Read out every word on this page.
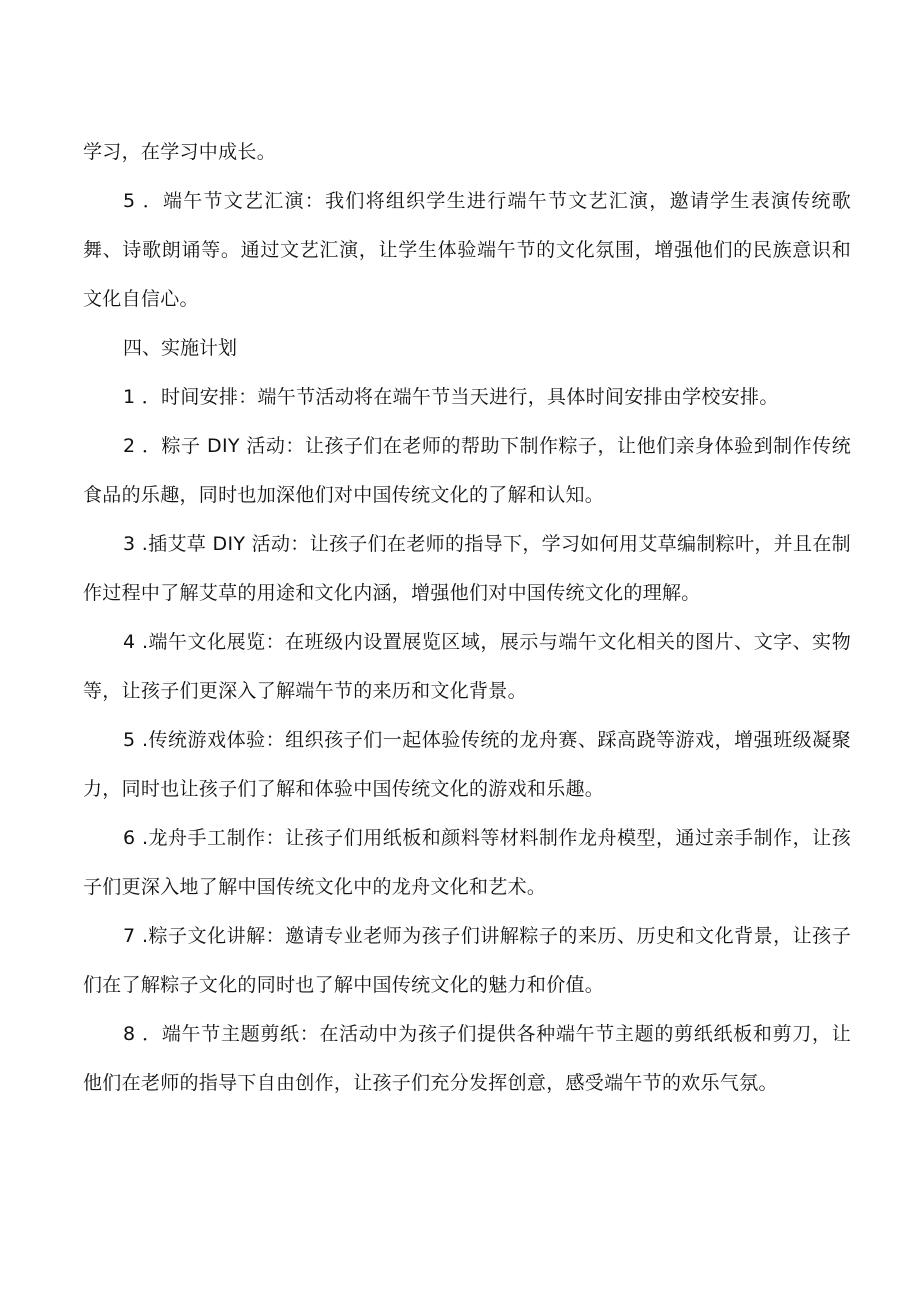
学习，在学习中成长。

5 ．端午节文艺汇演：我们将组织学生进行端午节文艺汇演，邀请学生表演传统歌舞、诗歌朗诵等。通过文艺汇演，让学生体验端午节的文化氛围，增强他们的民族意识和文化自信心。

四、实施计划

1 ．时间安排：端午节活动将在端午节当天进行，具体时间安排由学校安排。

2 ．粽子 DIY 活动：让孩子们在老师的帮助下制作粽子，让他们亲身体验到制作传统食品的乐趣，同时也加深他们对中国传统文化的了解和认知。

3 .插艾草 DIY 活动：让孩子们在老师的指导下，学习如何用艾草编制粽叶，并且在制作过程中了解艾草的用途和文化内涵，增强他们对中国传统文化的理解。

4 .端午文化展览：在班级内设置展览区域，展示与端午文化相关的图片、文字、实物等，让孩子们更深入了解端午节的来历和文化背景。

5 .传统游戏体验：组织孩子们一起体验传统的龙舟赛、踩高跷等游戏，增强班级凝聚力，同时也让孩子们了解和体验中国传统文化的游戏和乐趣。

6 .龙舟手工制作：让孩子们用纸板和颜料等材料制作龙舟模型，通过亲手制作，让孩子们更深入地了解中国传统文化中的龙舟文化和艺术。

7 .粽子文化讲解：邀请专业老师为孩子们讲解粽子的来历、历史和文化背景，让孩子们在了解粽子文化的同时也了解中国传统文化的魅力和价值。

8 ．端午节主题剪纸：在活动中为孩子们提供各种端午节主题的剪纸纸板和剪刀，让他们在老师的指导下自由创作，让孩子们充分发挥创意，感受端午节的欢乐气氛。
